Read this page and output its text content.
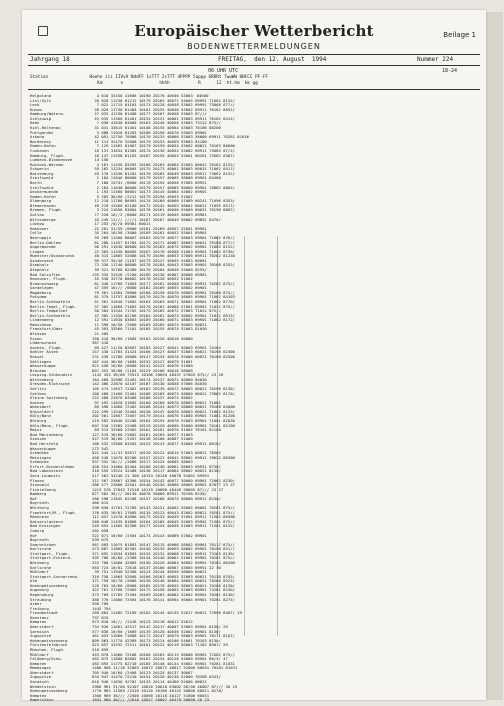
Europäischer Wetterbericht	Beilage 1
BODENWETTERMELDUNGEN
Jahrgang 18	FREITAG,  den 12. August  1994	Nummer 224
06 UHR UTC	18-24
Station                Hoehe iii IIVvV NddFF 1sTTT 2sTTT 4PPPP 5appp 6RRRt 7wwWW 8NCCC PF-FF
Km       n              hhhh           R      12  ht.hm  kk gg
Helgoland	4 010 32450 41606 10190 20176 40046 53003 84600
List/Sylt	26 020 11230 81212 10179 20165 40071 54004 69991 71062 8152/
Leck	7 022 11715 81103 10173 20128 40058 53002 69991 75868 877//
Husum	28 026 11730 81404 10161 20155 40058 53002 69911 76162 8652/
Hamburg/Waterw.	27 033 41230 81408 10177 20167 40058 53003 87///
Schleswig	43 035 11560 81401 10154 20131 40061 53003 69911 76162 8412/
Hohn	7 036 41630 83000 10163 20140 40058 53003 73122 875//
Kiel-Holtenau	31 041 33615 81401 10148 20155 40064 53003 76106 86200
Puttgarden	3 068 11020 81203 10186 20156 40070 53003 69901
Arkona	42 091 12750 70906 10170 20135 40066 52003 58000 69911 70281 81036
Norderney	11 113 32470 32008 10179 20153 40059 53003 81100
Emden-Hafen	7 129 11562 81807 10179 20159 40054 53002 60021 76163 86600
Cuxhaven	16 131 31634 81305 10174 20130 40054 53002 69911 75065 87/2/
Hamburg, Flugh.	16 147 11558 81103 10167 20155 40054 53001 60261 73562 8387/
Luebeck-Blankensee	14 156
Rostock-Warnem.	4 161 11430 83203 10168 20163 40064 52003 80041 76162 8152/
Schwerin	59 162 11234 80005 10175 20173 40061 58003 60031 71062 8417/
Boizenburg	45 170 11530 81202 10170 20165 40049 58003 69911 73062 8152/
Greifswald	2 184 11640 80000 10179 20157 40065 58000 69901 84400
Barth	7 180 15741 /0000 10178 20155 40056 57005 69951
Greifswald	2 184 11640 80000 10179 20157 40065 58000 69901 76862 8802/
Ueckermuende	1 193 11560 80001 10173 20145 40064 54002 69901
Emden-Hafen	5 203 36/60 /2211 10179 20158 40053 51007
Oldenburg	12 210 11760 80903 10174 20160 40060 51009 60241 71096 8353/
Bremerhaven	49 219 41560 62100 10172 20142 40055 58002 60021 71095 8517/
Bremen, Flugh.	3 224 11656 83004 10178 20161 40056 55009 60031 70198 8807/
Soltau	77 228 16//2 /0000 10171 20119 40045 58003 69901
Wittenberge	45 249 11/// ////1 10167 20167 40049 58002 69891 8470/
Lüchow	17 253 /0//0 69901 60011
Hannover	21 261 31/59 /0000 10161 20169 40057 52001 69901
Celle	35 264 16/58 /3000 10169 20161 40052 55001 69901
Neuruppin	35 269 11500 80007 10163 20179 40077 58003 69901 71062 876//
Berlin-Dahlem	81 280 11457 81704 10172 20171 40067 58003 60041 76168 877//
Angermuende	56 291 11630 80000 10170 20163 40075 58002 69901 71062 8152/
Lingen	22 305 11430 80005 10167 20176 40058 51003 69901 71062 8730/
Muenster/Osnabrueck	48 315 11665 52008 10179 20196 40053 57006 69911 70282 81230
Osnabrueck	95 317 35/40 /2107 10173 20127 40055 54003 60001
Diepholz	72 330 11740 80000 10178 20184 40043 53003 69901 70168 8352/
Diepholz	39 321 32768 82300 10170 20184 40058 53000 8253/
Bad Salzuflen	135 335 31528 /2200 10169 20130 40067 50000 69901
Hannover, Flugh.	55 338 33770 80002 10178 20126 40052 51002
Braunschweig	81 348 11760 71803 10177 20162 40058 55002 69931 70282 875//
Gardelegen	47 359 16/// /0000 10162 20169 40055 58002 69901
Magdeburg	79 361 11564 70000 10168 20150 40070 56003 69901 70168 875//
Potsdam	81 379 11757 81806 10170 20170 40070 58005 69901 71062 84103
Berlin-Schönefeld	51 381 31640 71002 10164 20163 40071 58002 69901 71062 8770/
Berlin-Tegel, Flugh.	37 382 11660 71803 10170 20162 40068 57001 69901 71022 875//
Berlin-Tempelhof	50 384 31344 71702 10173 20165 40072 57003 71022 875//
Berlin-Schönefeld	47 385 11330 02706 10163 20162 40073 58002 69901 71022 8513/
Lindenberg	12 391 11630 83603 10169 20160 40071 58003 69901 71062 8172/
Manschnow	11 396 16/58 /2000 10169 20165 40074 50003 60021
Frankfurt/Oder	45 393 33560 71101 10165 20155 40074 52003 81030
Wriezen	21 405
Essen	150 410 36/60 /1005 10163 20126 40016 50000
Lüdenscheid	387 418
Aachen, Flugh.	89 427 11/20 82607 10183 20127 40041 50003 69901 74164
Kahler Asten	157 430 11784 31424 10166 20127 40037 52003 60021 70198 82300
Kassel	231 438 11780 20000 10147 20134 40078 55000 60021 70168 82500
Göttingen	167 444 36/60 /1605 10152 20127 40079 51001
Wasserkuppe	921 450 16/60 /0000 10141 20123 40076 51000
Brocken	607 452 36/60 /2104 10129 20106 40016 58000
Leipzig-Schkeuditz	1142 453 36/60 73513 10106 20094 40437 57003 875// 23 26
Wittenberg	164 460 32998 22402 10174 20137 40071 56000 84030
Dresden-Klotzsche	142 466 22870 42107 10167 20130 40058 57006 84030
Görlitz	105 474 11657 72402 10162 20139 40072 58003 60021 70198 8130/
Cottbus	160 480 11460 22401 10168 20165 40073 58000 60021 73062 8170/
Kleine Spitzberg	222 488 22870 03406 10180 20137 40074 58002
Aachen	97 492 11620 51605 10160 20160 40070 58003 60021 71081
Wahnsdorf	89 496 11660 72402 10168 20143 40073 58000 60021 70168 84000
Düsseldorf	222 499 11540 22404 10158 20147 40070 58003 60021 71062 8133/
Köln/Bonn	202 501 11667 72007 10179 20141 40076 51000 69901 71081 81200
Nürburg	219 502 31640 42208 10164 20155 40076 52003 69901 71081 82030
Köln/Bonn, Flugh.	607 510 11585 22408 10129 20126 40050 55000 69901 70161 82100
Mainz	89 513 32560 22902 10161 20101 40076 51002 70161 82100
Bad Marienberg	127 515 36/60 72802 10161 20163 40077 51003
Giessen	547 519 36/60 /2207 10156 20106 40007 51000
Bad Hersfeld	166 532 13568 83203 10153 20143 40077 54000 69911 8616/
Wasserkuppe	272 542
Schmücke	921 544 11/31 92017 10120 20122 40614 57003 60021 76362
Meiningen	450 548 11675 82206 10157 20122 40041 58002 69911 76022 86300
Schmücke	937 552 16/// /2006 10117 20125 40065 58003
Erfurt-Bindersleben	450 554 31660 82404 10166 20140 40061 58003 69931 8730/
Bad Lobenstein	316 555 13524 32408 10138 20117 40064 58002 60021 8130/
Gera-Leumnitz	517 562 34240 21 300 10153 20148 40070 51001 69951
Plauen	311 567 23867 42306 10154 20142 40077 58000 69901 72062 8230/
Zinnwald	386 577 22806 32501 10148 20150 40060 58005 69901 87077 23 27
Fichtelberg	1213 578 27843 72518 10119 20090 48449 58005 87/// 23 27
Bamberg	877 582 36/// 20130 40076 58000 69911 70198 8230/
Hof	266 596 11845 62208 10157 20168 40075 58000 69911 8230/
Bayreuth	460 615
Würzburg	298 630 41761 72709 10143 20131 40062 55005 60001 70281 875//
Frankfurt/M., Flugh.	176 635 16/01 27005 10134 20123 40043 52002 60021 70281 875//
Mannheim	111 637 11470 81806 10173 20133 40039 57001 69911 71582 86500
Kaiserslautern	268 648 11435 81808 10164 20165 40045 52003 69901 71581 875//
Bad Kissingen	249 653 11565 82308 10177 20154 40058 51003 69911 71581 8152/
Coburg	282 658
Hof	322 671 16/60 /2504 10174 20143 40069 57002 69901
Bayreuth	539 675
Saarbrücken	567 685 11675 81803 10147 20115 40066 58002 69901 76117 875//
Karlsruhe	473 687 11865 82302 10150 20139 40059 58002 69901 70198 851//
Stuttgart, Flugh.	371 692 11634 81603 10153 20131 40068 57002 69911 73163 8130/
Stuttgart-Echterd.	395 706 16/60 /2308 10144 20140 40061 51001 69901 70281 875//
Nürnberg	322 708 11660 42805 10150 20120 40064 56002 69901 70182 86200
Karlsruhe	583 724 16/01 72618 10137 20106 40087 53005 69951 22 30
Mühldorf	39 751 11940 32308 10124 20144 40050 58000 60021
Stuttgart-Schnarrenb.	310 758 11665 52008 10168 20163 40055 52003 60021 70138 8255/
Ulm	371 759 16/70 /2806 10158 20140 40064 58003 60021 78266 8523/
Hohenpeissenberg	276 763 16/60 /0000 10165 20178 40055 58003 60021 70100 8130/
Augsburg	422 761 11768 72905 10172 20156 40062 52003 69901 73261 8230/
Regensburg	373 769 11765 72504 10169 20163 40062 52002 69901 70261 8130/
Straubing	366 776 11680 72505 10176 20141 40094 50004 69901 70261 8275/
Arber	350 789
Freiburg	1442 794
Freudenstadt	269 803 11485 72109 10163 20145 40135 52017 60021 72998 8407/ 29
Konstanz	797 815
Kempten	973 818 16/// /2416 10125 20118 40012 52012
Oberstdorf	734 826 11661 42517 10142 20117 40007 53003 69901 8150/ 29
Garmisch	577 836 16/60 /1609 10139 20120 40030 52002 69901 8130/
Zugspitze	461 853 11660 71808 10172 20147 40079 58003 69901 76171 8107/
Hohenpeissenberg	809 863 11770 42309 10173 20124 40106 54001 70163 8130/
Fürstenfeldbruck	523 857 41552 72311 10161 20122 40119 50003 71162 8507/ 29
München, Flugh.	518 859
Mühldorf	453 870 11660 72108 10166 20162 40113 50006 69901 72582 875//
Feldberg/Schw.	482 875 11880 82602 10162 20134 40126 54000 69901 86/3/ 47
Kempten	483 893 11775 82710 10185 20148 40134 55002 69901 70281 81031
Memmingen	1486 908 11/10 32803 10072 20072 46617 52006 60031 70281 81031
Oberstdorf	705 940 16/60 /2408 10123 20125 40137 50007
Zugspitze	634 947 41470 72210 10154 20120 40130 52000 70398 8343/
Garmisch	810 946 11630 42702 10143 20114 40480 52006 60021
Wendelstein	2960 961 51/00 92107 10016 20010 63002 58/06 40007 87/// 30 25
Hohenpeissenberg	1770 962 11565 /2316 10126 20166 40125 50000 60011 8170/
Kempten	1500 969 36/// /2500 10090 20118 40127 51006 60031
Hamelstein	1832 980 46/// /2616 10027 20007 40479 58000 20 23
